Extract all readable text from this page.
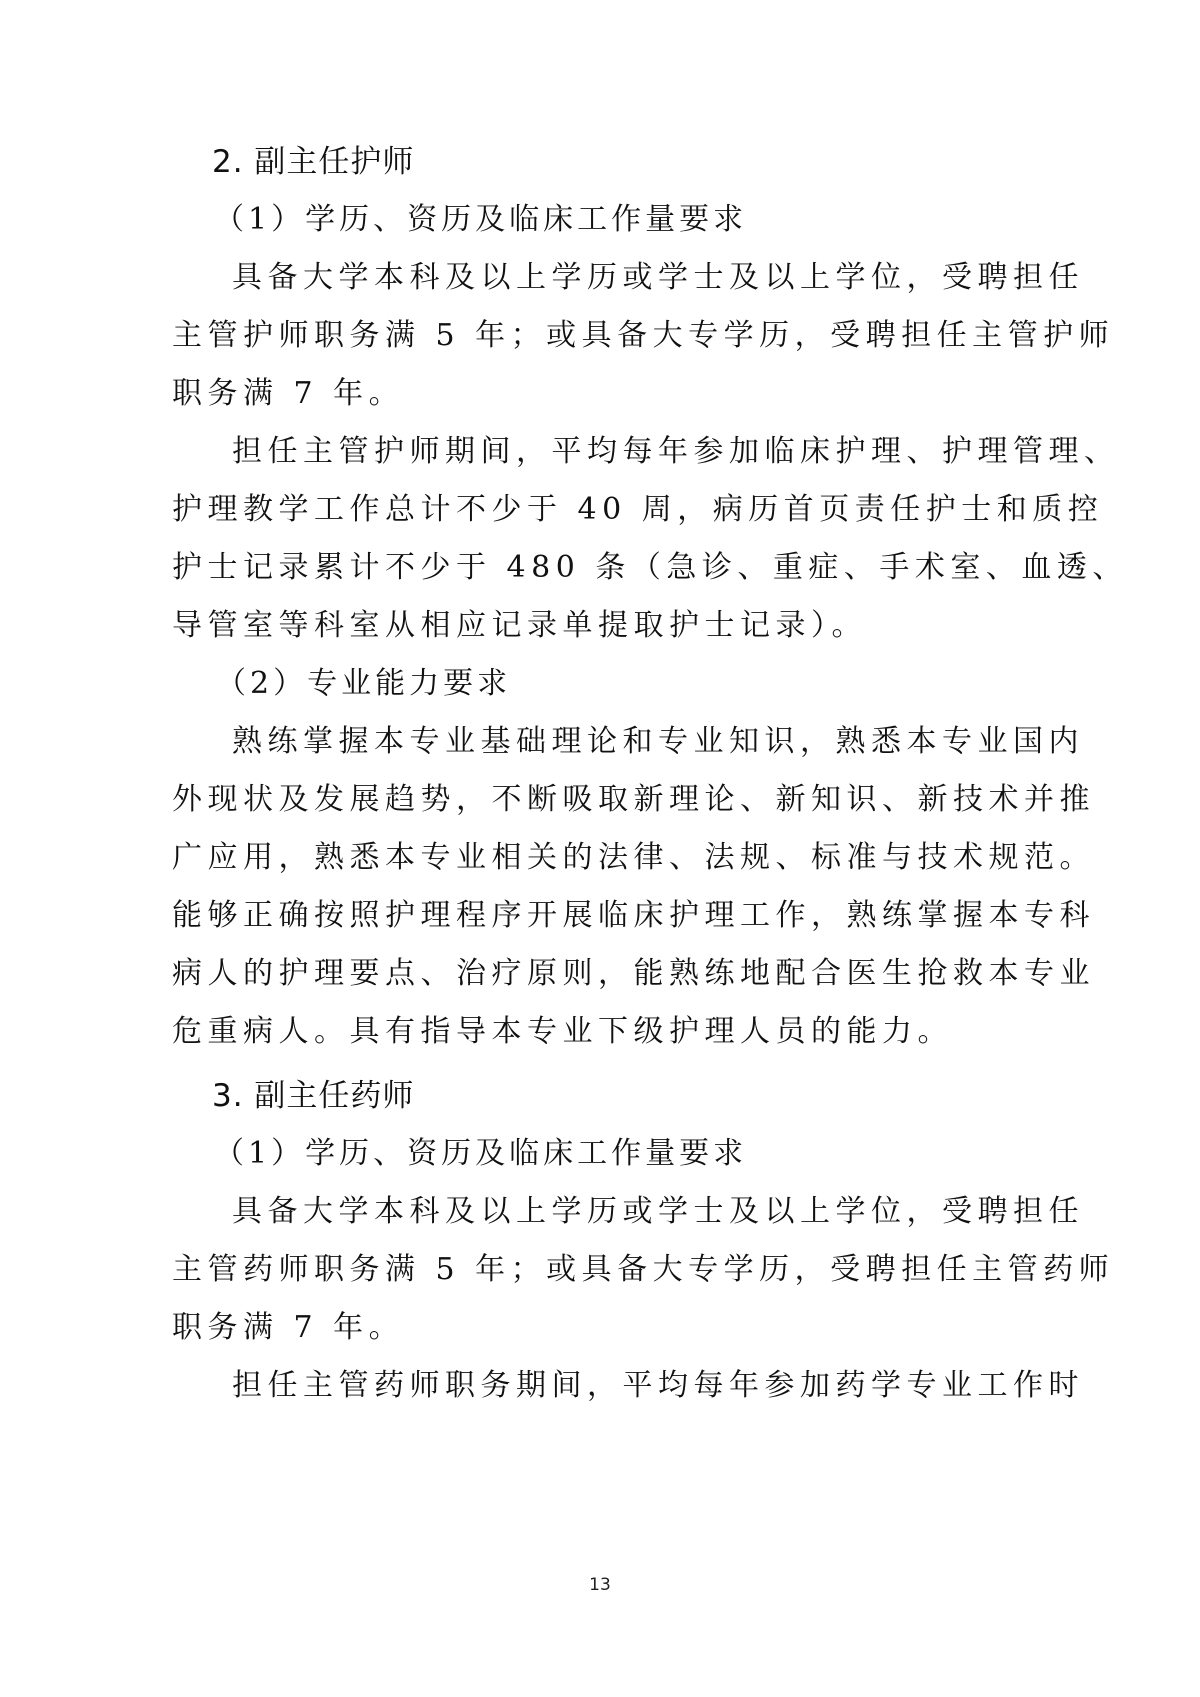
2. 副主任护师
（1）学历、资历及临床工作量要求
具备大学本科及以上学历或学士及以上学位，受聘担任
主管护师职务满 5 年；或具备大专学历，受聘担任主管护师
职务满 7 年。
担任主管护师期间，平均每年参加临床护理、护理管理、
护理教学工作总计不少于 40 周，病历首页责任护士和质控
护士记录累计不少于 480 条（急诊、重症、手术室、血透、
导管室等科室从相应记录单提取护士记录）。
（2）专业能力要求
熟练掌握本专业基础理论和专业知识，熟悉本专业国内
外现状及发展趋势，不断吸取新理论、新知识、新技术并推
广应用，熟悉本专业相关的法律、法规、标准与技术规范。
能够正确按照护理程序开展临床护理工作，熟练掌握本专科
病人的护理要点、治疗原则，能熟练地配合医生抢救本专业
危重病人。具有指导本专业下级护理人员的能力。
3. 副主任药师
（1）学历、资历及临床工作量要求
具备大学本科及以上学历或学士及以上学位，受聘担任
主管药师职务满 5 年；或具备大专学历，受聘担任主管药师
职务满 7 年。
担任主管药师职务期间，平均每年参加药学专业工作时
13
